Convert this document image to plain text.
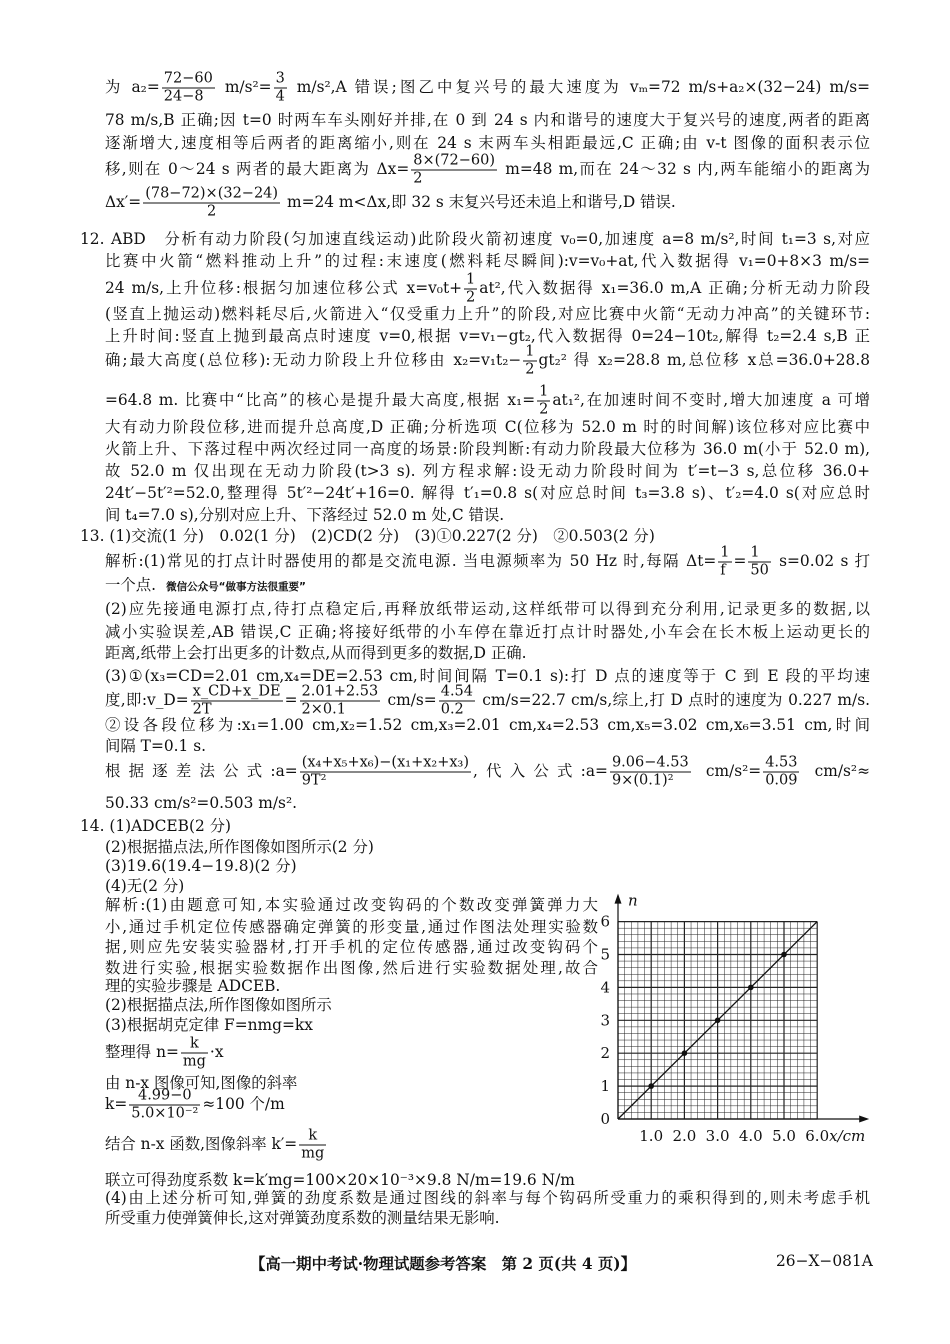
为 $a_2= \frac{72-60}{24-8} m/s^2= \frac{3}{4} m/s^2,A$ 错误;图乙中复兴号的最大速度为 vₘ=72 m/s+a₂×(32−24) m/s=
78 m/s,B 正确;因 t=0 时两车车头刚好并排,在 0 到 24 s 内和谐号的速度大于复兴号的速度,两者的距离
逐渐增大,速度相等后两者的距离缩小,则在 24 s 末两车头相距最远,C 正确;由 v-t 图像的面积表示位
移,则在 0～24 s 两者的最大距离为 $\Delta x= \frac{8\times(72-60)}{2} m=48$ m,而在 24～32 s 内,两车能缩小的距离为
$\Delta x'= \frac{(78-72)\times(32-24)}{2} m=24$ m<Δx,即 32 s 末复兴号还未追上和谐号,D 错误.
12. ABD　分析有动力阶段(匀加速直线运动)此阶段火箭初速度 v₀=0,加速度 a=8 m/s²,时间 t₁=3 s,对应
比赛中火箭“燃料推动上升”的过程:末速度(燃料耗尽瞬间):v=v₀+at,代入数据得 v₁=0+8×3 m/s=
24 m/s,上升位移:根据匀加速位移公式 $x=v_0t+ \frac{1}{2} at^2$,代入数据得 x₁=36.0 m,A 正确;分析无动力阶段
(竖直上抛运动)燃料耗尽后,火箭进入“仅受重力上升”的阶段,对应比赛中火箭“无动力冲高”的关键环节:
上升时间:竖直上抛到最高点时速度 v=0,根据 v=v₁−gt₂,代入数据得 0=24−10t₂,解得 t₂=2.4 s,B 正
确;最大高度(总位移):无动力阶段上升位移由 $x_2=v_1t_2- \frac{1}{2} gt_2^2$ 得 x₂=28.8 m,总位移 x总=36.0+28.8
=64.8 m. 比赛中“比高”的核心是提升最大高度,根据 $x_1= \frac{1}{2} at_1^2$,在加速时间不变时,增大加速度 a 可增
大有动力阶段位移,进而提升总高度,D 正确;分析选项 C(位移为 52.0 m 时的时间解)该位移对应比赛中
火箭上升、下落过程中两次经过同一高度的场景:阶段判断:有动力阶段最大位移为 36.0 m(小于 52.0 m),
故 52.0 m 仅出现在无动力阶段(t>3 s). 列方程求解:设无动力阶段时间为 t′=t−3 s,总位移 36.0+
24t′−5t′²=52.0,整理得 5t′²−24t′+16=0. 解得 t′₁=0.8 s(对应总时间 t₃=3.8 s)、t′₂=4.0 s(对应总时
间 t₄=7.0 s),分别对应上升、下落经过 52.0 m 处,C 错误.
13. (1)交流(1 分)　0.02(1 分)　(2)CD(2 分)　(3)①0.227(2 分)　②0.503(2 分)
解析:(1)常见的打点计时器使用的都是交流电源. 当电源频率为 50 Hz 时,每隔 $\Delta t= \frac{1}{f} = \frac{1}{50} s=0.02$ s 打
一个点. 微信公众号“做事方法很重要”
(2)应先接通电源打点,待打点稳定后,再释放纸带运动,这样纸带可以得到充分利用,记录更多的数据,以
减小实验误差,AB 错误,C 正确;将接好纸带的小车停在靠近打点计时器处,小车会在长木板上运动更长的
距离,纸带上会打出更多的计数点,从而得到更多的数据,D 正确.
(3)①(x₃=CD=2.01 cm,x₄=DE=2.53 cm,时间间隔 T=0.1 s):打 D 点的速度等于 C 到 E 段的平均速
度,即:v_D= $\frac{x\_CD+x\_DE}{2T} = \frac{2.01+2.53}{2\times 0.1} cm/s= \frac{4.54}{0.2} cm/s=22.7$ cm/s,综上,打 D 点时的速度为 0.227 m/s.
②设各段位移为:x₁=1.00 cm,x₂=1.52 cm,x₃=2.01 cm,x₄=2.53 cm,x₅=3.02 cm,x₆=3.51 cm,时间
间隔 T=0.1 s.
根据逐差法公式:a= $\frac{\text{(x₄+x₅+x₆)−(x₁+x₂+x₃)}}{\text{9T²}}$ ,代入公式:a= $\frac{9.06-4.53}{\text{9×(0.1)²}} cm/s^2= \frac{4.53}{0.09} cm/s^2\approx$
50.33 cm/s²=0.503 m/s².
14. (1)ADCEB(2 分)
(2)根据描点法,所作图像如图所示(2 分)
(3)19.6(19.4−19.8)(2 分)
(4)无(2 分)
解析:(1)由题意可知,本实验通过改变钩码的个数改变弹簧弹力大
小,通过手机定位传感器确定弹簧的形变量,通过作图法处理实验数
据,则应先安装实验器材,打开手机的定位传感器,通过改变钩码个
数进行实验,根据实验数据作出图像,然后进行实验数据处理,故合
理的实验步骤是 ADCEB.
(2)根据描点法,所作图像如图所示
(3)根据胡克定律 F=nmg=kx
整理得 $n= \frac{k}{mg} \cdot x$
由 n-x 图像可知,图像的斜率
$k= \frac{4.99-0}{\text{5.0×10⁻²}} \approx 100$ 个/m
结合 n-x 函数,图像斜率 $k'= \frac{k}{mg}$
联立可得劲度系数 k=k′mg=100×20×10⁻³×9.8 N/m=19.6 N/m
(4)由上述分析可知,弹簧的劲度系数是通过图线的斜率与每个钩码所受重力的乘积得到的,则未考虑手机
所受重力使弹簧伸长,这对弹簧劲度系数的测量结果无影响.
1.0 2.0 3.0 4.0 5.0 6.0
1
2
3
4
5
6
0
x/cm
n
【高一期中考试·物理试题参考答案　第 2 页(共 4 页)】	26−X−081A
